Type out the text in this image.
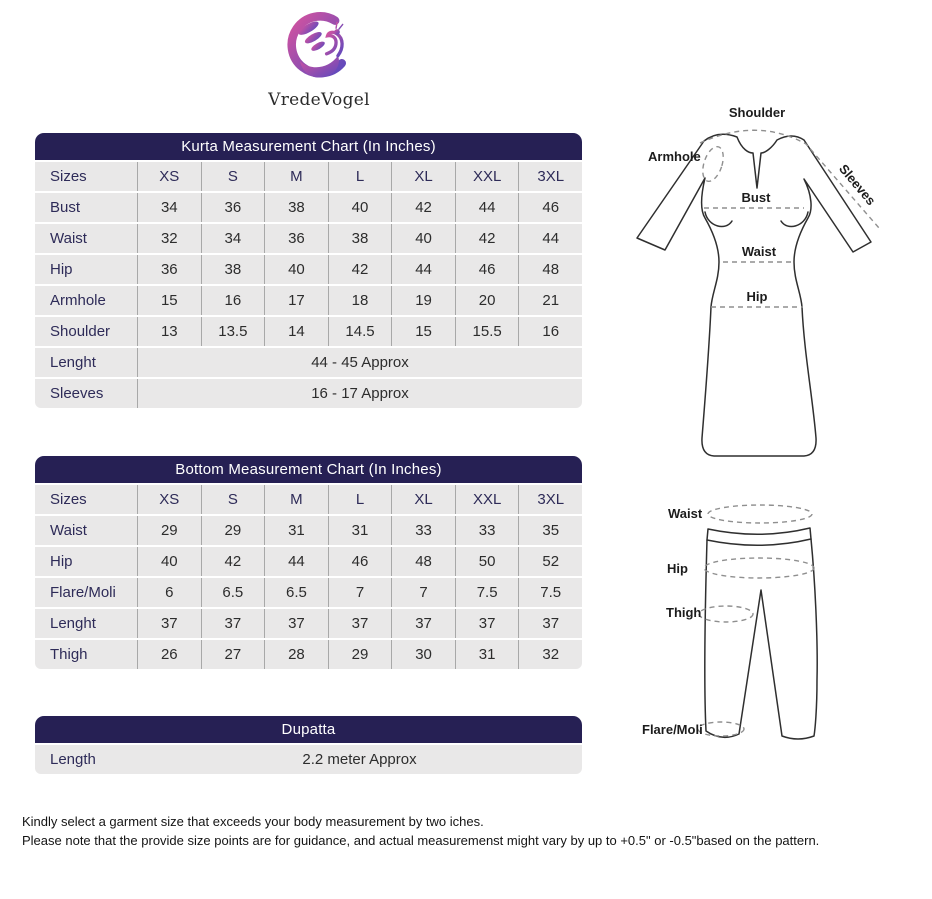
VredeVogel
Kurta Measurement Chart (In Inches)
Sizes	XS	S	M	L	XL	XXL	3XL
Bust	34	36	38	40	42	44	46
Waist	32	34	36	38	40	42	44
Hip	36	38	40	42	44	46	48
Armhole	15	16	17	18	19	20	21
Shoulder	13	13.5	14	14.5	15	15.5	16
Lenght	44 - 45 Approx
Sleeves	16 - 17 Approx
Bottom Measurement Chart (In Inches)
Sizes	XS	S	M	L	XL	XXL	3XL
Waist	29	29	31	31	33	33	35
Hip	40	42	44	46	48	50	52
Flare/Moli	6	6.5	6.5	7	7	7.5	7.5
Lenght	37	37	37	37	37	37	37
Thigh	26	27	28	29	30	31	32
Dupatta
Length	2.2 meter Approx
Kindly select a garment size that exceeds your body measurement by two iches.
Please note that the provide size points are for guidance, and actual measuremenst might vary by up to +0.5" or -0.5"based on the pattern.
Shoulder
Armhole
Sleeves
Bust
Waist
Hip
Waist
Hip
Thigh
Flare/Moli
